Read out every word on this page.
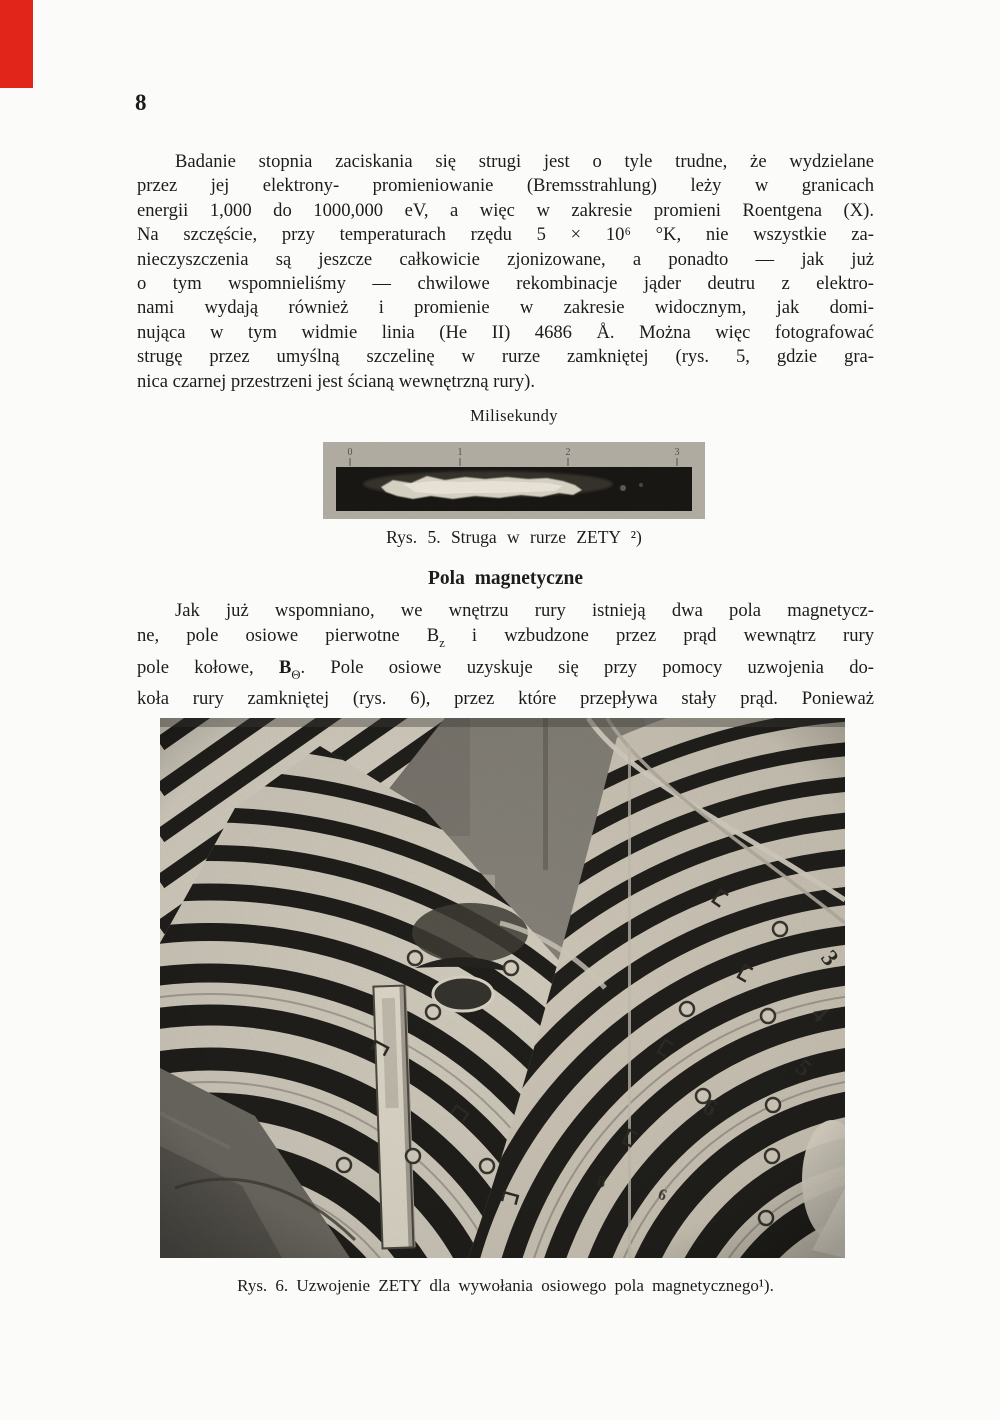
8
Badanie stopnia zaciskania się strugi jest o tyle trudne, że wydzielane
przez jej elektrony- promieniowanie (Bremsstrahlung) leży w granicach
energii 1,000 do 1000,000 eV, a więc w zakresie promieni Roentgena (X).
Na szczęście, przy temperaturach rzędu 5 × 10⁶ °K, nie wszystkie za-
nieczyszczenia są jeszcze całkowicie zjonizowane, a ponadto — jak już
o tym wspomnieliśmy — chwilowe rekombinacje jąder deutru z elektro-
nami wydają również i promienie w zakresie widocznym, jak domi-
nująca w tym widmie linia (He II) 4686 Å. Można więc fotografować
strugę przez umyślną szczelinę w rurze zamkniętej (rys. 5, gdzie gra-
nica czarnej przestrzeni jest ścianą wewnętrzną rury).
Milisekundy
0	1	2	3
Rys. 5. Struga w rurze ZETY ²)
Pola magnetyczne
Jak już wspomniano, we wnętrzu rury istnieją dwa pola magnetycz-
ne, pole osiowe pierwotne $B_z$ i wzbudzone przez prąd wewnątrz rury
pole kołowe, $B_\Theta$. Pole osiowe uzyskuje się przy pomocy uzwojenia do-
koła rury zamkniętej (rys. 6), przez które przepływa stały prąd. Ponieważ
Rys. 6. Uzwojenie ZETY dla wywołania osiowego pola magnetycznego¹).
